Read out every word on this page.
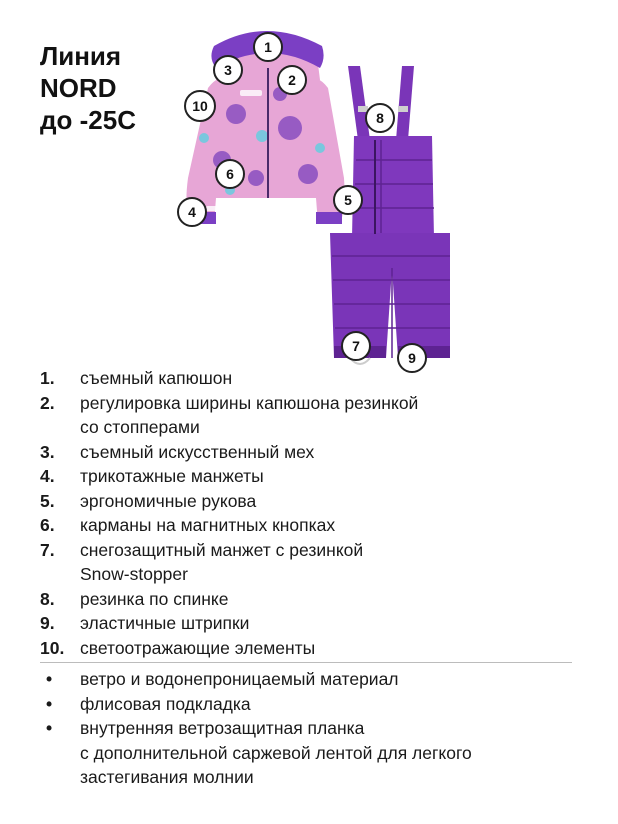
Линия
NORD
до -25С
1
3
2
10
8
6
5
4
7
9
1. съемный капюшон
2. регулировка ширины капюшона резинкой
со стопперами
3. съемный искусственный мех
4. трикотажные манжеты
5. эргономичные рукова
6. карманы на магнитных кнопках
7. снегозащитный манжет с резинкой
Snow-stopper
8. резинка по спинке
9. эластичные штрипки
10. светоотражающие элементы
• ветро и водонепроницаемый материал
• флисовая подкладка
• внутренняя ветрозащитная планка
с дополнительной саржевой лентой для легкого
застегивания молнии
